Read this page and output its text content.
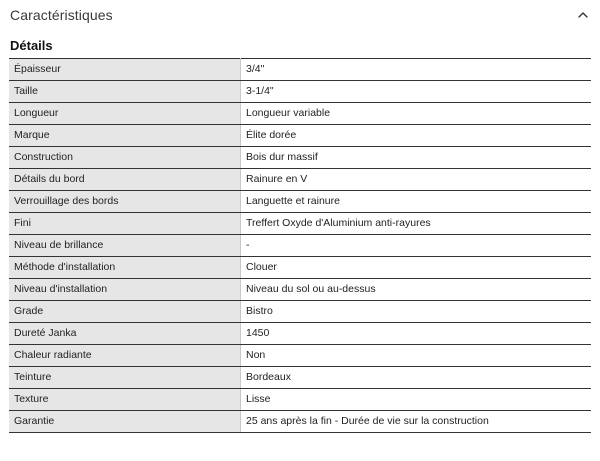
Caractéristiques
Détails
Épaisseur	3/4"
Taille	3-1/4"
Longueur	Longueur variable
Marque	Élite dorée
Construction	Bois dur massif
Détails du bord	Rainure en V
Verrouillage des bords	Languette et rainure
Fini	Treffert Oxyde d'Aluminium anti-rayures
Niveau de brillance	-
Méthode d'installation	Clouer
Niveau d'installation	Niveau du sol ou au-dessus
Grade	Bistro
Dureté Janka	1450
Chaleur radiante	Non
Teinture	Bordeaux
Texture	Lisse
Garantie	25 ans après la fin - Durée de vie sur la construction
